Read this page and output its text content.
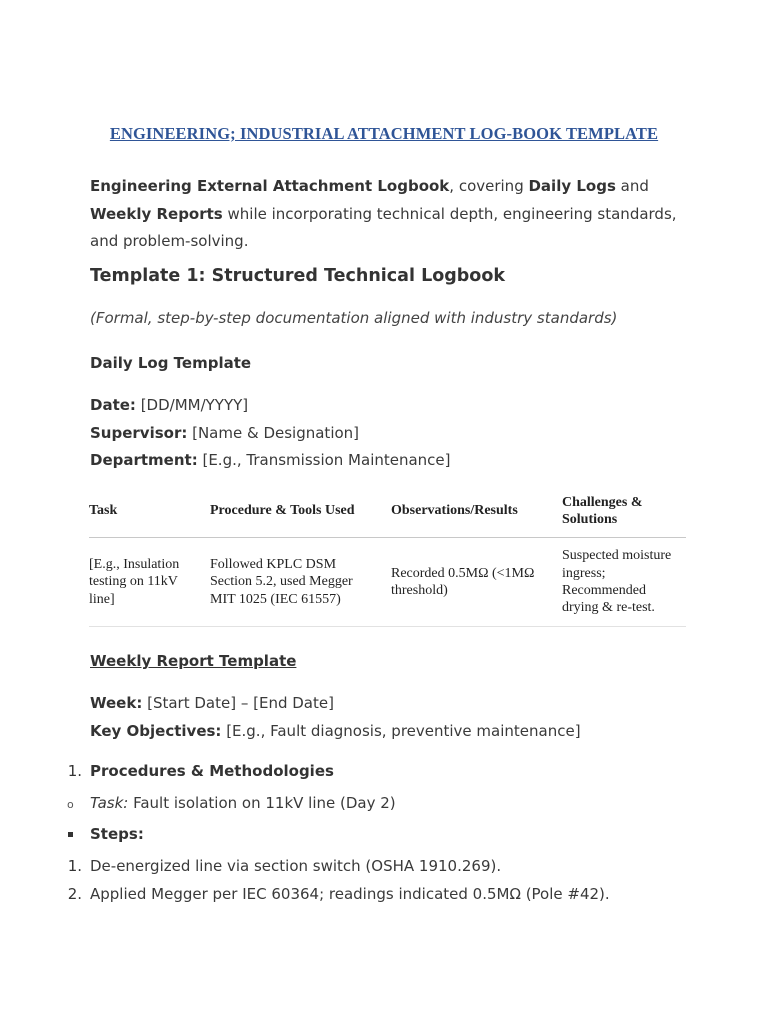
ENGINEERING; INDUSTRIAL ATTACHMENT LOG-BOOK TEMPLATE
Engineering External Attachment Logbook, covering Daily Logs and Weekly Reports while incorporating technical depth, engineering standards, and problem-solving.
Template 1: Structured Technical Logbook
(Formal, step-by-step documentation aligned with industry standards)
Daily Log Template
Date: [DD/MM/YYYY]
Supervisor: [Name & Designation]
Department: [E.g., Transmission Maintenance]
Task	Procedure & Tools Used	Observations/Results	Challenges & Solutions
[E.g., Insulation testing on 11kV line]	Followed KPLC DSM Section 5.2, used Megger MIT 1025 (IEC 61557)	Recorded 0.5MΩ (<1MΩ threshold)	Suspected moisture ingress; Recommended drying & re-test.
Weekly Report Template
Week: [Start Date] – [End Date]
Key Objectives: [E.g., Fault diagnosis, preventive maintenance]
1. Procedures & Methodologies
o Task: Fault isolation on 11kV line (Day 2)
Steps:
1. De-energized line via section switch (OSHA 1910.269).
2. Applied Megger per IEC 60364; readings indicated 0.5MΩ (Pole #42).
